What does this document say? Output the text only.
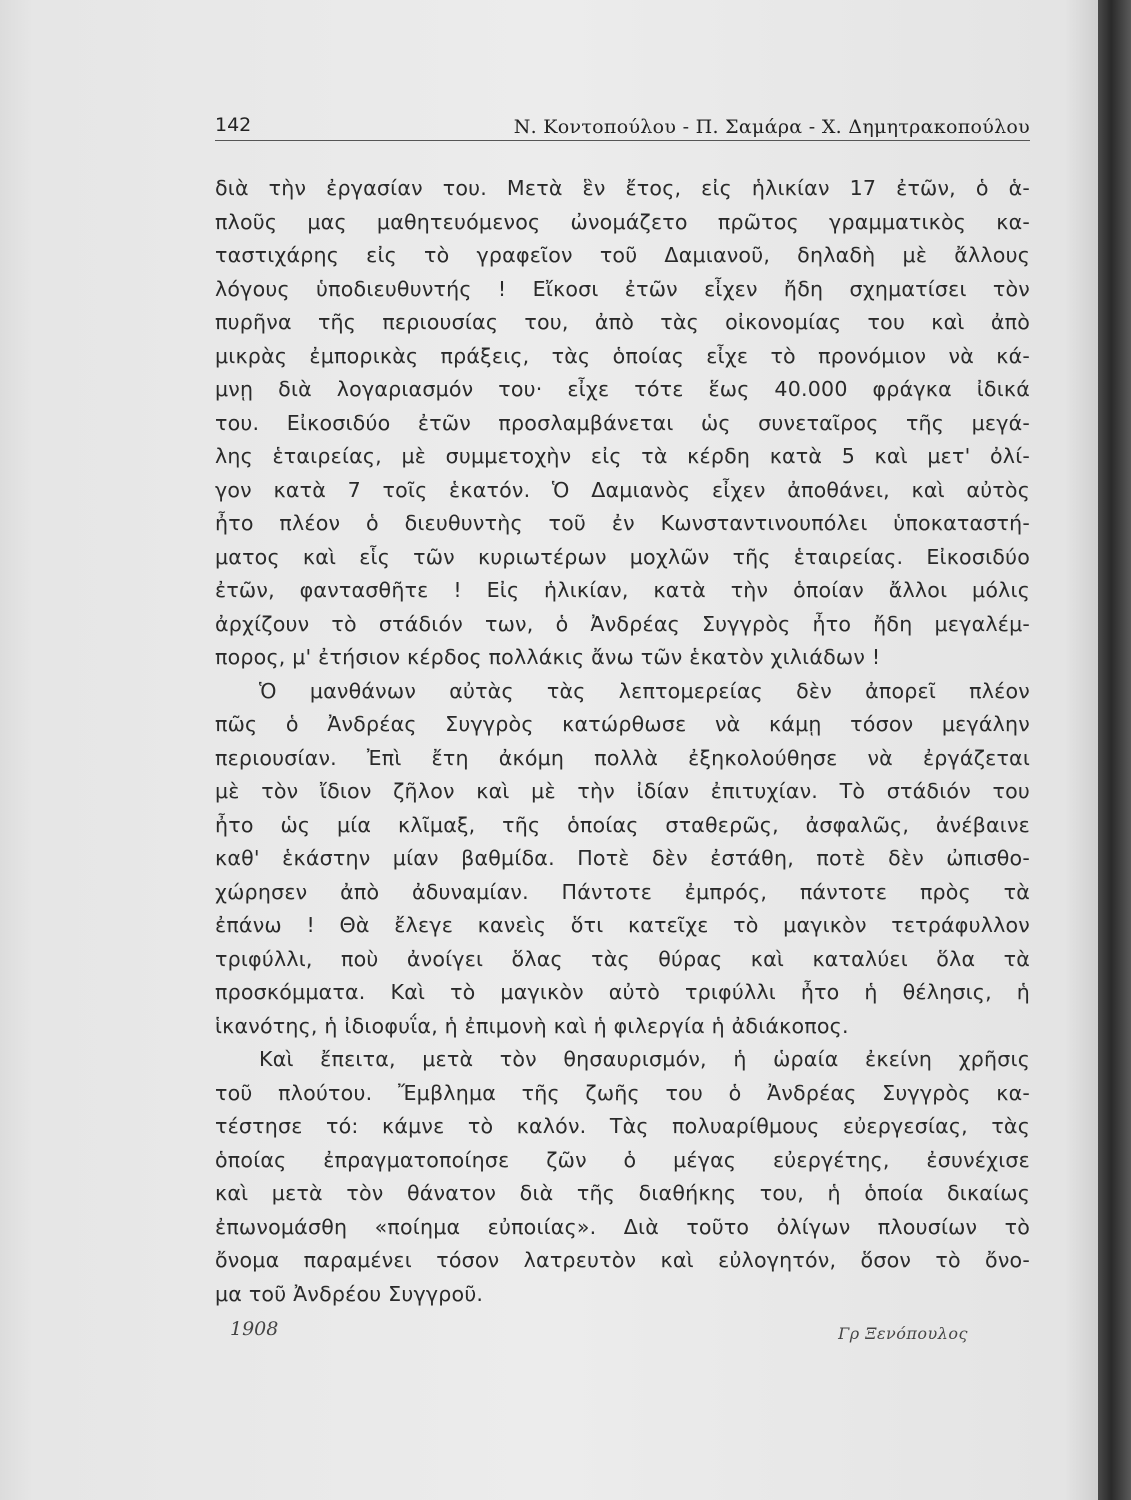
142	Ν. Κοντοπούλου - Π. Σαμάρα - Χ. Δημητρακοπούλου
διὰ τὴν ἐργασίαν του. Μετὰ ἓν ἔτος, εἰς ἡλικίαν 17 ἐτῶν, ὁ ἁ-
πλοῦς μας μαθητευόμενος ὠνομάζετο πρῶτος γραμματικὸς κα-
ταστιχάρης εἰς τὸ γραφεῖον τοῦ Δαμιανοῦ, δηλαδὴ μὲ ἄλλους
λόγους ὑποδιευθυντής ! Εἴκοσι ἐτῶν εἶχεν ἤδη σχηματίσει τὸν
πυρῆνα τῆς περιουσίας του, ἀπὸ τὰς οἰκονομίας του καὶ ἀπὸ
μικρὰς ἐμπορικὰς πράξεις, τὰς ὁποίας εἶχε τὸ προνόμιον νὰ κά-
μνῃ διὰ λογαριασμόν του· εἶχε τότε ἕως 40.000 φράγκα ἰδικά
του. Εἰκοσιδύο ἐτῶν προσλαμβάνεται ὡς συνεταῖρος τῆς μεγά-
λης ἑταιρείας, μὲ συμμετοχὴν εἰς τὰ κέρδη κατὰ 5 καὶ μετ' ὀλί-
γον κατὰ 7 τοῖς ἑκατόν. Ὁ Δαμιανὸς εἶχεν ἀποθάνει, καὶ αὐτὸς
ἦτο πλέον ὁ διευθυντὴς τοῦ ἐν Κωνσταντινουπόλει ὑποκαταστή-
ματος καὶ εἷς τῶν κυριωτέρων μοχλῶν τῆς ἑταιρείας. Εἰκοσιδύο
ἐτῶν, φαντασθῆτε ! Εἰς ἡλικίαν, κατὰ τὴν ὁποίαν ἄλλοι μόλις
ἀρχίζουν τὸ στάδιόν των, ὁ Ἀνδρέας Συγγρὸς ἦτο ἤδη μεγαλέμ-
πορος, μ' ἐτήσιον κέρδος πολλάκις ἄνω τῶν ἑκατὸν χιλιάδων !
Ὁ μανθάνων αὐτὰς τὰς λεπτομερείας δὲν ἀπορεῖ πλέον
πῶς ὁ Ἀνδρέας Συγγρὸς κατώρθωσε νὰ κάμῃ τόσον μεγάλην
περιουσίαν. Ἐπὶ ἔτη ἀκόμη πολλὰ ἐξηκολούθησε νὰ ἐργάζεται
μὲ τὸν ἴδιον ζῆλον καὶ μὲ τὴν ἰδίαν ἐπιτυχίαν. Τὸ στάδιόν του
ἦτο ὡς μία κλῖμαξ, τῆς ὁποίας σταθερῶς, ἀσφαλῶς, ἀνέβαινε
καθ' ἑκάστην μίαν βαθμίδα. Ποτὲ δὲν ἐστάθη, ποτὲ δὲν ὠπισθο-
χώρησεν ἀπὸ ἀδυναμίαν. Πάντοτε ἐμπρός, πάντοτε πρὸς τὰ
ἐπάνω ! Θὰ ἔλεγε κανεὶς ὅτι κατεῖχε τὸ μαγικὸν τετράφυλλον
τριφύλλι, ποὺ ἀνοίγει ὅλας τὰς θύρας καὶ καταλύει ὅλα τὰ
προσκόμματα. Καὶ τὸ μαγικὸν αὐτὸ τριφύλλι ἦτο ἡ θέλησις, ἡ
ἱκανότης, ἡ ἰδιοφυΐα, ἡ ἐπιμονὴ καὶ ἡ φιλεργία ἡ ἀδιάκοπος.
Καὶ ἔπειτα, μετὰ τὸν θησαυρισμόν, ἡ ὡραία ἐκείνη χρῆσις
τοῦ πλούτου. Ἔμβλημα τῆς ζωῆς του ὁ Ἀνδρέας Συγγρὸς κα-
τέστησε τό: κάμνε τὸ καλόν. Τὰς πολυαρίθμους εὐεργεσίας, τὰς
ὁποίας ἐπραγματοποίησε ζῶν ὁ μέγας εὐεργέτης, ἐσυνέχισε
καὶ μετὰ τὸν θάνατον διὰ τῆς διαθήκης του, ἡ ὁποία δικαίως
ἐπωνομάσθη «ποίημα εὐποιίας». Διὰ τοῦτο ὀλίγων πλουσίων τὸ
ὄνομα παραμένει τόσον λατρευτὸν καὶ εὐλογητόν, ὅσον τὸ ὄνο-
μα τοῦ Ἀνδρέου Συγγροῦ.
1908	Γρ Ξενόπουλος
